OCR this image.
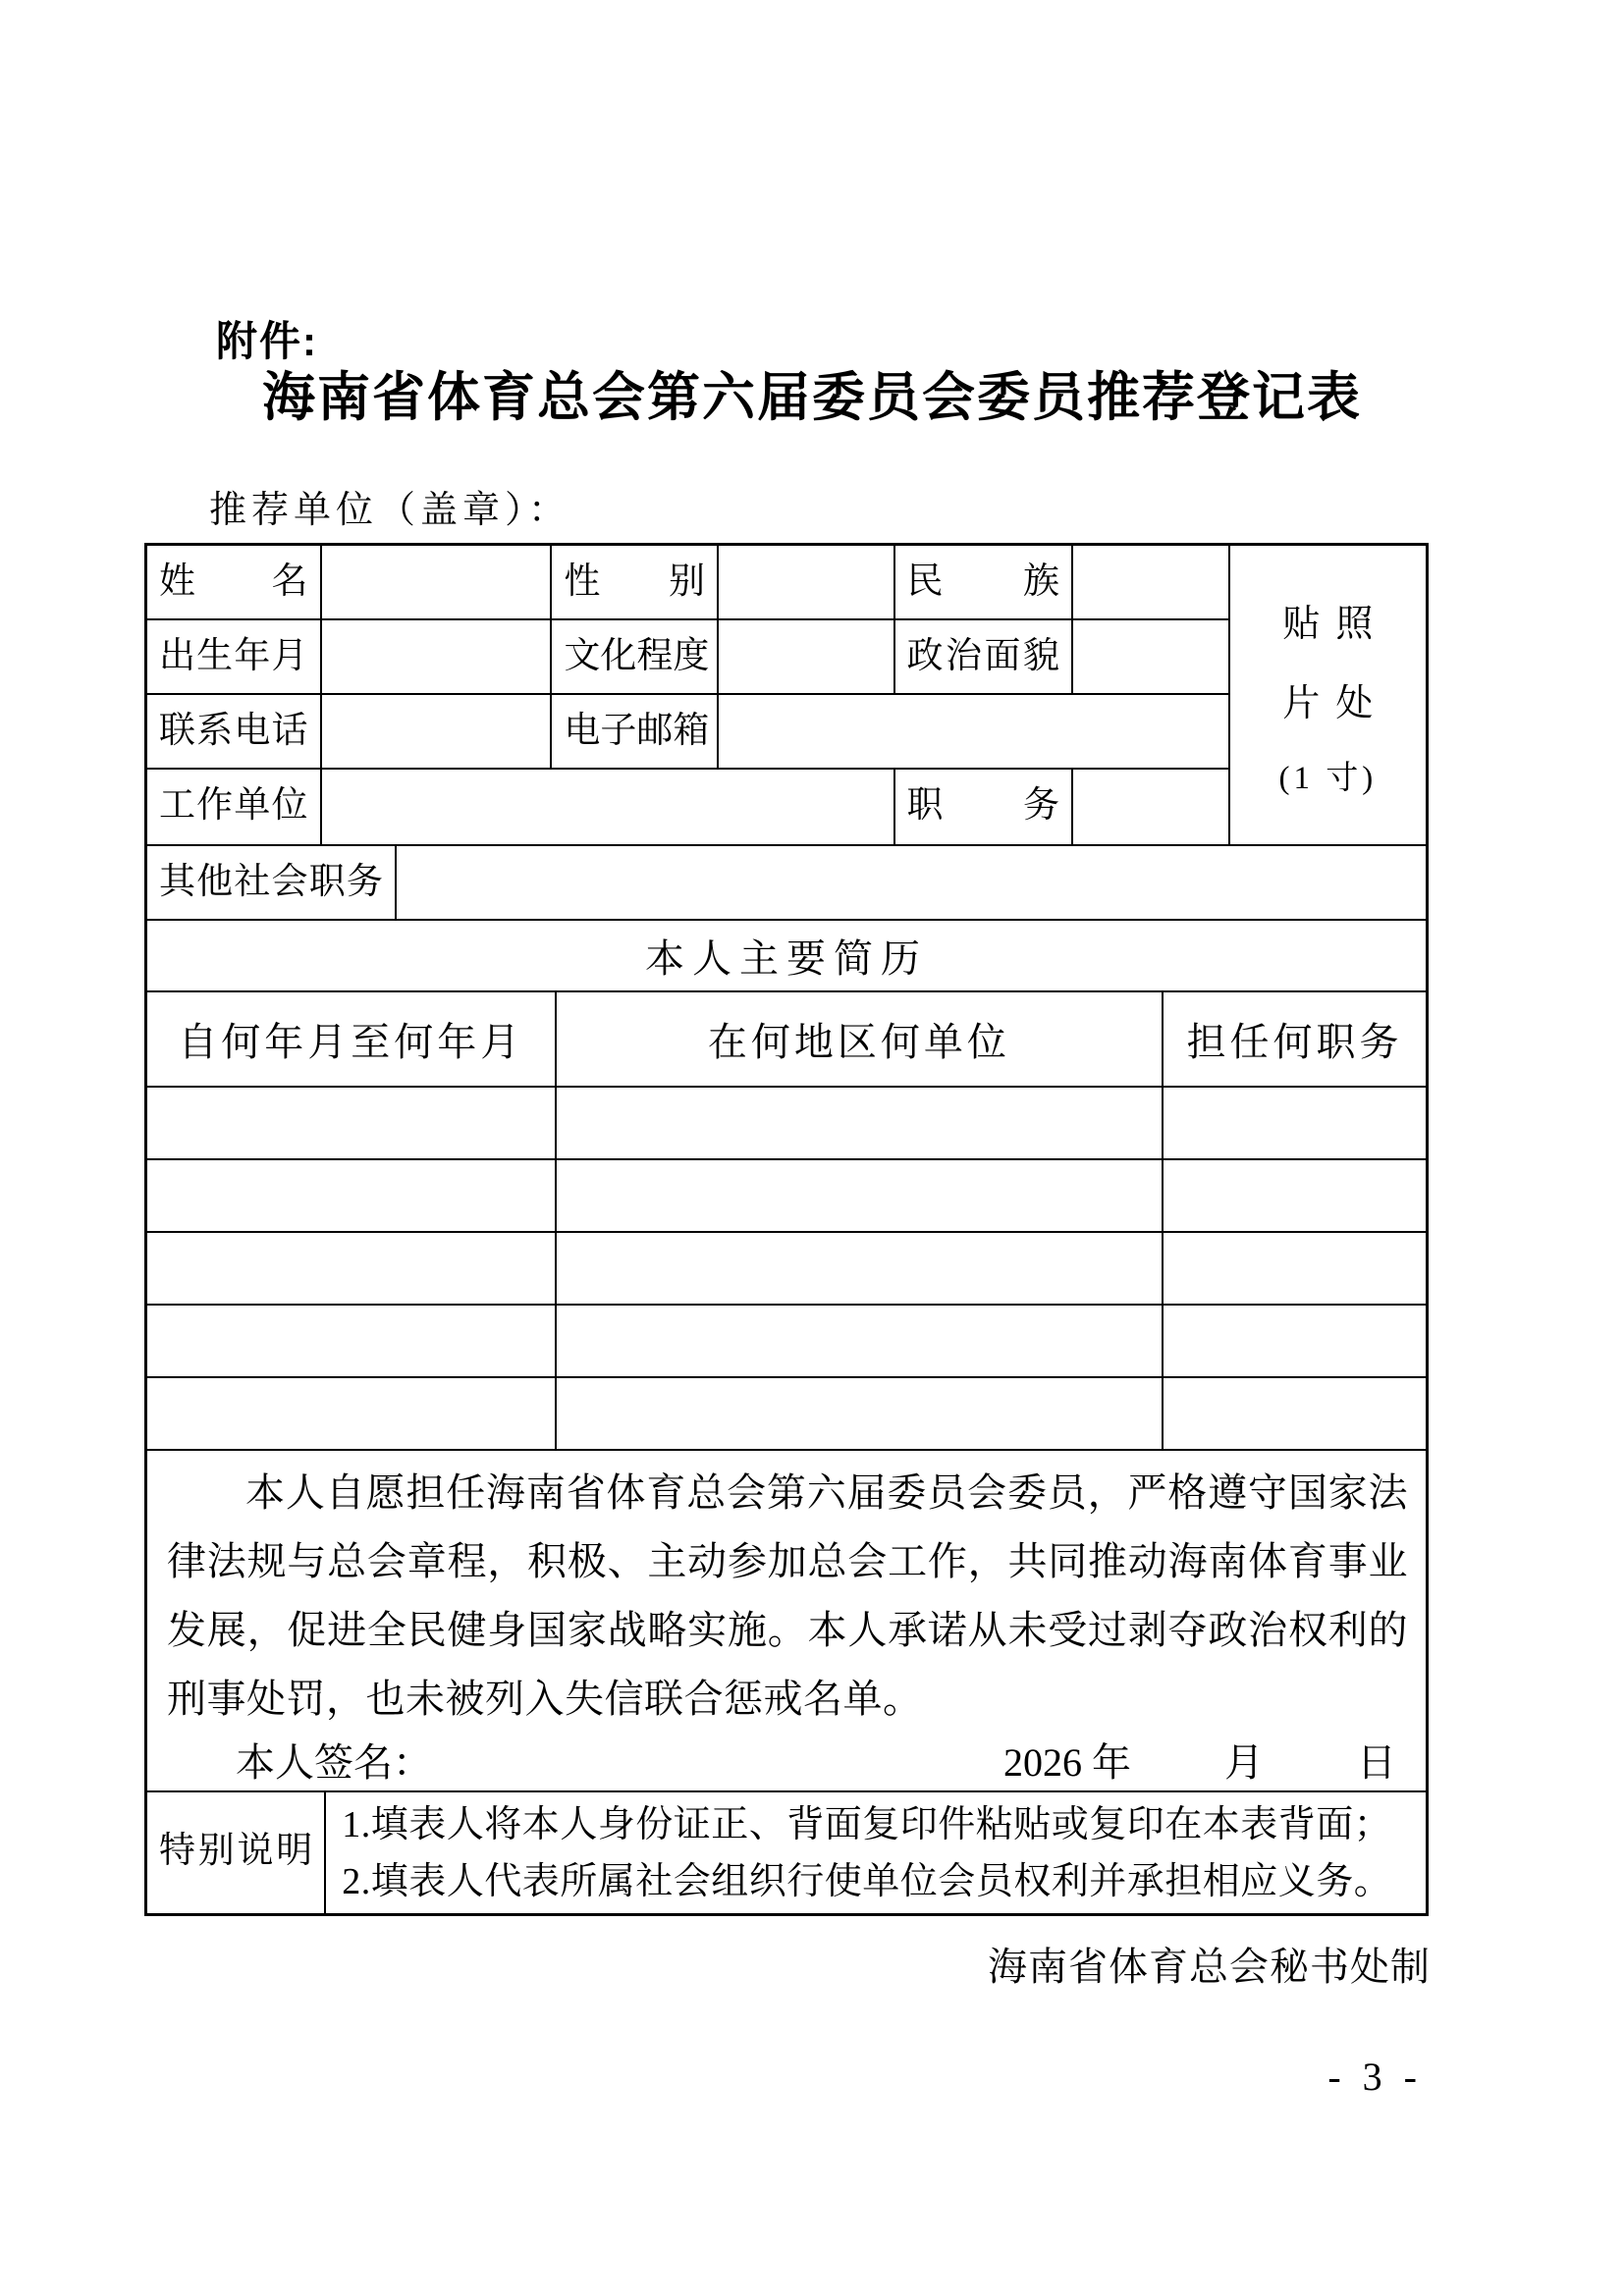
附件:
海南省体育总会第六届委员会委员推荐登记表
推荐单位（盖章）：
姓名	性别	民族
出生年月	文化程度	政治面貌
联系电话	电子邮箱
工作单位	职务
贴照
片处
(1 寸)
其他社会职务
本人主要简历
自何年月至何年月	在何地区何单位	担任何职务

本人自愿担任海南省体育总会第六届委员会委员，严格遵守国家法律法规与总会章程，积极、主动参加总会工作，共同推动海南体育事业发展，促进全民健身国家战略实施。本人承诺从未受过剥夺政治权利的刑事处罚，也未被列入失信联合惩戒名单。

本人签名：	2026 年 月 日
特别说明
1.填表人将本人身份证正、背面复印件粘贴或复印在本表背面；
2.填表人代表所属社会组织行使单位会员权利并承担相应义务。
海南省体育总会秘书处制
- 3 -
